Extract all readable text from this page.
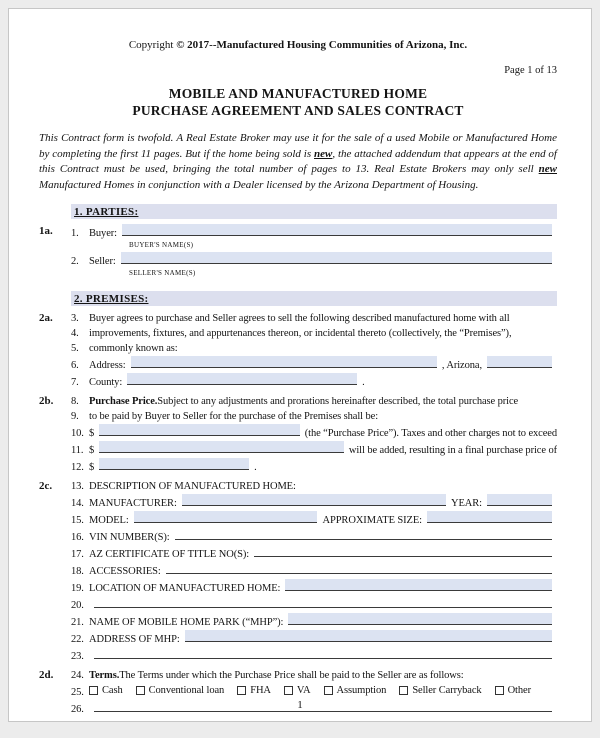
Copyright © 2017--Manufactured Housing Communities of Arizona, Inc.
Page 1 of 13
MOBILE AND MANUFACTURED HOME
PURCHASE AGREEMENT AND SALES CONTRACT
This Contract form is twofold. A Real Estate Broker may use it for the sale of a used Mobile or Manufactured Home by completing the first 11 pages. But if the home being sold is new, the attached addendum that appears at the end of this Contract must be used, bringing the total number of pages to 13. Real Estate Brokers may only sell new Manufactured Homes in conjunction with a Dealer licensed by the Arizona Department of Housing.
1. PARTIES:
1a.	1. Buyer:
BUYER'S NAME(S)
2. Seller:
SELLER'S NAME(S)
2. PREMISES:
2a.	3. Buyer agrees to purchase and Seller agrees to sell the following described manufactured home with all
4. improvements, fixtures, and appurtenances thereon, or incidental thereto (collectively, the “Premises”),
5. commonly known as:
6. Address:	, Arizona,
7. County:	.
2b.	8. Purchase Price. Subject to any adjustments and prorations hereinafter described, the total purchase price
9. to be paid by Buyer to Seller for the purchase of the Premises shall be:
10. $	(the “Purchase Price”). Taxes and other charges not to exceed
11. $	will be added, resulting in a final purchase price of
12. $	.
2c.	13. DESCRIPTION OF MANUFACTURED HOME:
14. MANUFACTURER:	YEAR:
15. MODEL:	APPROXIMATE SIZE:
16. VIN NUMBER(S):
17. AZ CERTIFICATE OF TITLE NO(S):
18. ACCESSORIES:
19. LOCATION OF MANUFACTURED HOME:
20.
21. NAME OF MOBILE HOME PARK (“MHP”):
22. ADDRESS OF MHP:
23.
2d.	24. Terms. The Terms under which the Purchase Price shall be paid to the Seller are as follows:
25.	Cash Conventional loan FHA VA Assumption Seller Carryback Other
26.	1
